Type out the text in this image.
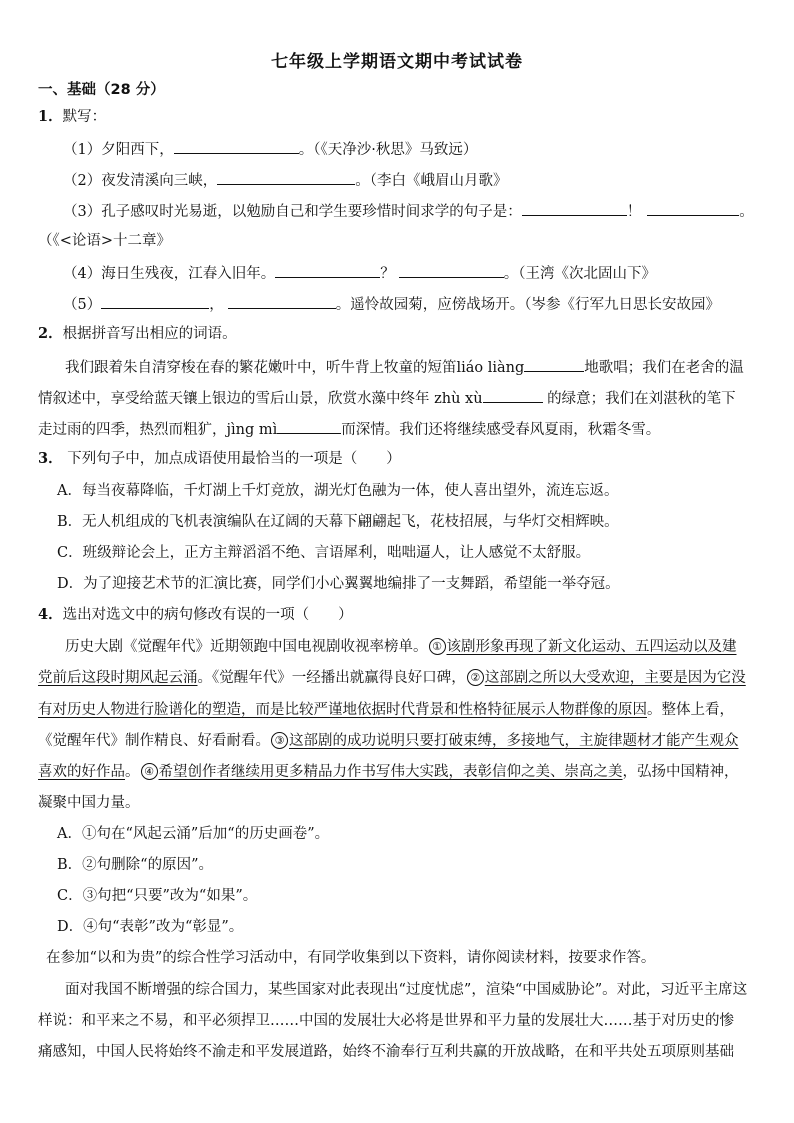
七年级上学期语文期中考试试卷
一、基础（28 分）
1．默写：
（1）夕阳西下，	。（《天净沙·秋思》马致远）
（2）夜发清溪向三峡，	。（李白《峨眉山月歌》
（3）孔子感叹时光易逝，以勉励自己和学生要珍惜时间求学的句子是：	！	。
（《<论语>十二章》
（4）海日生残夜，江春入旧年。	？	。（王湾《次北固山下》
（5）	，	。遥怜故园菊，应傍战场开。（岑参《行军九日思长安故园》
2．根据拼音写出相应的词语。
我们跟着朱自清穿梭在春的繁花嫩叶中，听牛背上牧童的短笛liáo liàng	地歌唱；我们在老舍的温
情叙述中，享受给蓝天镶上银边的雪后山景，欣赏水藻中终年 zhù xù	的绿意；我们在刘湛秋的笔下
走过雨的四季，热烈而粗犷，jìng mì	而深情。我们还将继续感受春风夏雨，秋霜冬雪。
3． 下列句子中，加点成语使用最恰当的一项是（　　）
A．每当夜幕降临，千灯湖上千灯竞放，湖光灯色融为一体，使人喜出望外，流连忘返。
B．无人机组成的飞机表演编队在辽阔的天幕下翩翩起飞，花枝招展，与华灯交相辉映。
C．班级辩论会上，正方主辩滔滔不绝、言语犀利，咄咄逼人，让人感觉不太舒服。
D．为了迎接艺术节的汇演比赛，同学们小心翼翼地编排了一支舞蹈，希望能一举夺冠。
4．选出对选文中的病句修改有误的一项（　　）
历史大剧《觉醒年代》近期领跑中国电视剧收视率榜单。 ① 该剧形象再现了新文化运动、五四运动以及建
党前后这段时期风起云涌。《觉醒年代》一经播出就赢得良好口碑， ② 这部剧之所以大受欢迎，主要是因为它没
有对历史人物进行脸谱化的塑造，而是比较严谨地依据时代背景和性格特征展示人物群像的原因。整体上看，
《觉醒年代》制作精良、好看耐看。 ③ 这部剧的成功说明只要打破束缚，多接地气，主旋律题材才能产生观众
喜欢的好作品。 ④ 希望创作者继续用更多精品力作书写伟大实践，表彰信仰之美、崇高之美，弘扬中国精神，
凝聚中国力量。
A．①句在“风起云涌”后加“的历史画卷”。
B．②句删除“的原因”。
C．③句把“只要”改为“如果”。
D．④句“表彰”改为“彰显”。
在参加“以和为贵”的综合性学习活动中，有同学收集到以下资料，请你阅读材料，按要求作答。
面对我国不断增强的综合国力，某些国家对此表现出“过度忧虑”，渲染“中国威胁论”。对此，习近平主席这
样说：和平来之不易，和平必须捍卫……中国的发展壮大必将是世界和平力量的发展壮大……基于对历史的惨
痛感知，中国人民将始终不渝走和平发展道路，始终不渝奉行互利共赢的开放战略，在和平共处五项原则基础
